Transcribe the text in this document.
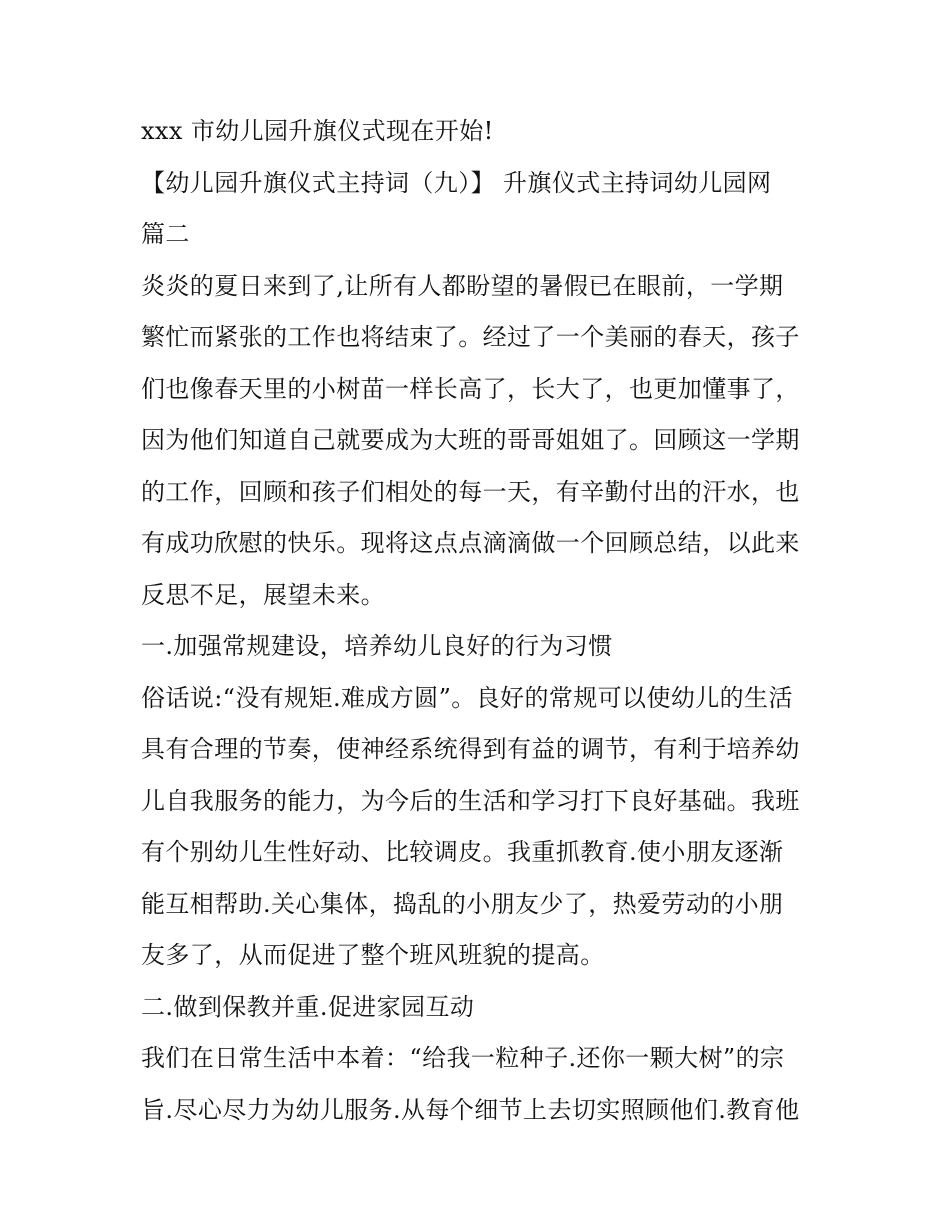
xxx 市幼儿园升旗仪式现在开始!
【幼儿园升旗仪式主持词（九）】 升旗仪式主持词幼儿园网
篇二
炎炎的夏日来到了,让所有人都盼望的暑假已在眼前，一学期
繁忙而紧张的工作也将结束了。经过了一个美丽的春天，孩子
们也像春天里的小树苗一样长高了，长大了，也更加懂事了，
因为他们知道自己就要成为大班的哥哥姐姐了。回顾这一学期
的工作，回顾和孩子们相处的每一天，有辛勤付出的汗水，也
有成功欣慰的快乐。现将这点点滴滴做一个回顾总结，以此来
反思不足，展望未来。
一.加强常规建设，培养幼儿良好的行为习惯
俗话说:“没有规矩.难成方圆”。良好的常规可以使幼儿的生活
具有合理的节奏，使神经系统得到有益的调节，有利于培养幼
儿自我服务的能力，为今后的生活和学习打下良好基础。我班
有个别幼儿生性好动、比较调皮。我重抓教育.使小朋友逐渐
能互相帮助.关心集体，捣乱的小朋友少了，热爱劳动的小朋
友多了，从而促进了整个班风班貌的提高。
二.做到保教并重.促进家园互动
我们在日常生活中本着：“给我一粒种子.还你一颗大树”的宗
旨.尽心尽力为幼儿服务.从每个细节上去切实照顾他们.教育他
